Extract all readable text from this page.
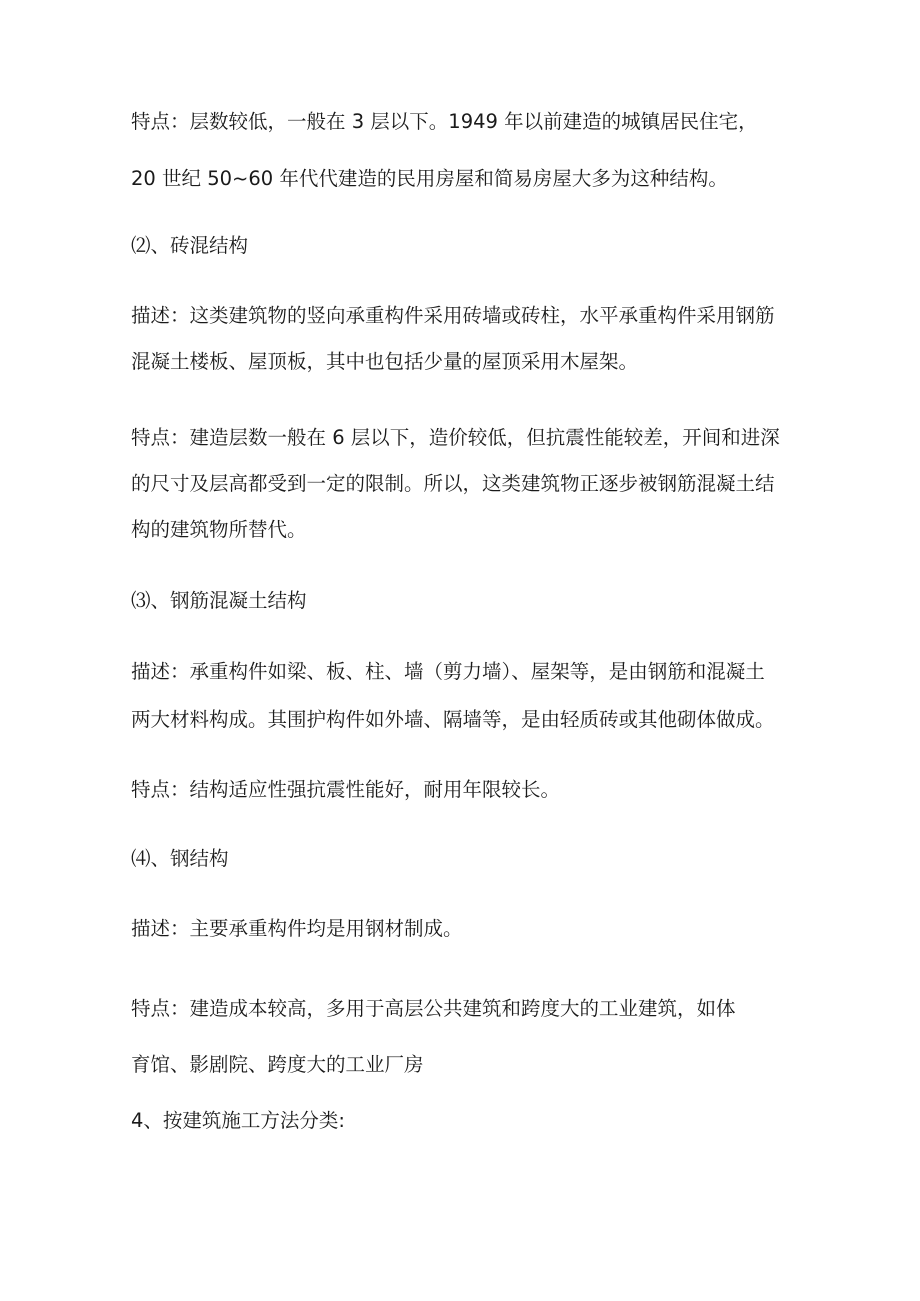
特点：层数较低，一般在 3 层以下。1949 年以前建造的城镇居民住宅，

20 世纪 50~60 年代代建造的民用房屋和简易房屋大多为这种结构。

⑵、砖混结构

描述：这类建筑物的竖向承重构件采用砖墙或砖柱，水平承重构件采用钢筋

混凝土楼板、屋顶板，其中也包括少量的屋顶采用木屋架。

特点：建造层数一般在 6 层以下，造价较低，但抗震性能较差，开间和进深

的尺寸及层高都受到一定的限制。所以，这类建筑物正逐步被钢筋混凝土结

构的建筑物所替代。

⑶、钢筋混凝土结构

描述：承重构件如梁、板、柱、墙（剪力墙）、屋架等，是由钢筋和混凝土

两大材料构成。其围护构件如外墙、隔墙等，是由轻质砖或其他砌体做成。

特点：结构适应性强抗震性能好，耐用年限较长。

⑷、钢结构

描述：主要承重构件均是用钢材制成。

特点：建造成本较高，多用于高层公共建筑和跨度大的工业建筑，如体

育馆、影剧院、跨度大的工业厂房

4、按建筑施工方法分类:
